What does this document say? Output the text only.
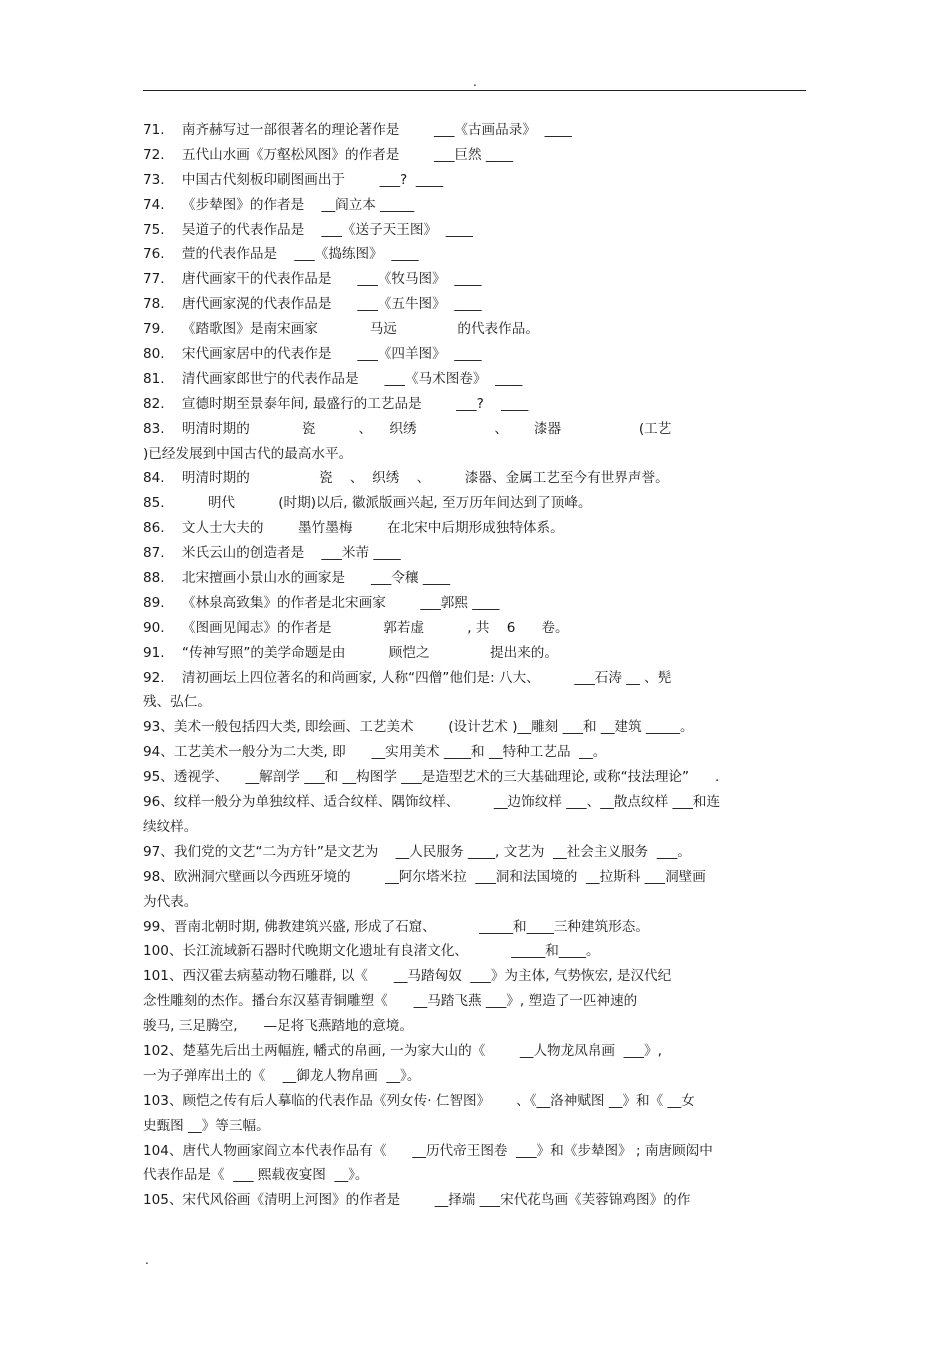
.
71.    南齐赫写过一部很著名的理论著作是        ___《古画品录》  ____
72.    五代山水画《万壑松风图》的作者是        ___巨然 ____
73.    中国古代刻板印刷图画出于        ___?  ____
74.    《步辇图》的作者是    __阎立本 _____
75.    吴道子的代表作品是    ___《送子天王图》  ____
76.    萱的代表作品是    ___《捣练图》  ____
77.    唐代画家干的代表作品是      ___《牧马图》  ____
78.    唐代画家滉的代表作品是      ___《五牛图》  ____
79.    《踏歌图》是南宋画家            马远              的代表作品。
80.    宋代画家居中的代表作是      ___《四羊图》  ____
81.    清代画家郎世宁的代表作品是      ___《马术图卷》  ____
82.    宣德时期至景泰年间, 最盛行的工艺品是        ___?    ____
83.    明清时期的            瓷          、    织绣                  、      漆器                  (工艺
)已经发展到中国古代的最高水平。
84.    明清时期的                瓷    、  织绣    、        漆器、金属工艺至今有世界声誉。
85.          明代          (时期)以后, 徽派版画兴起, 至万历年间达到了顶峰。
86.    文人士大夫的        墨竹墨梅        在北宋中后期形成独特体系。
87.    米氏云山的创造者是    ___米芾 ____
88.    北宋擅画小景山水的画家是      ___令穰 ____
89.    《林泉高致集》的作者是北宋画家        ___郭熙 ____
90.    《图画见闻志》的作者是            郭若虚          , 共    6      卷。
91.    “传神写照”的美学命题是由          顾恺之              提出来的。
92.    清初画坛上四位著名的和尚画家, 人称“四僧”他们是: 八大、        ___石涛 __ 、髡
残、弘仁。
93、美术一般包括四大类, 即绘画、工艺美术        (设计艺术 )__雕刻 ___和 __建筑 _____。
94、工艺美术一般分为二大类, 即      __实用美术 ____和 __特种工艺品  __。
95、透视学、    __解剖学 ___和 __构图学 ___是造型艺术的三大基础理论, 或称“技法理论”      .
96、纹样一般分为单独纹样、适合纹样、隅饰纹样、        __边饰纹样 ___、__散点纹样 ___和连
续纹样。
97、我们党的文艺“二为方针”是文艺为    __人民服务 ____, 文艺为  __社会主义服务  ___。
98、欧洲洞穴壁画以今西班牙境的        __阿尔塔米拉  ___洞和法国境的  __拉斯科 ___洞壁画
为代表。
99、晋南北朝时期, 佛教建筑兴盛, 形成了石窟、          _____和____三种建筑形态。
100、长江流域新石器时代晚期文化遗址有良渚文化、          _____和____。
101、西汉霍去病墓动物石雕群, 以《      __马踏匈奴  ___》为主体, 气势恢宏, 是汉代纪
念性雕刻的杰作。播台东汉墓青铜雕塑《      __马踏飞燕 ___》, 塑造了一匹神速的
骏马, 三足腾空,      —足将飞燕踏地的意境。
102、楚墓先后出土两幅旌, 幡式的帛画, 一为家大山的《        __人物龙凤帛画  ___》,
一为子弹库出土的《    __御龙人物帛画  __》。
103、顾恺之传有后人摹临的代表作品《列女传· 仁智图》      、《__洛神赋图 __》和《 __女
史甄图 __》等三幅。
104、唐代人物画家阎立本代表作品有《      __历代帝王图卷  ___》和《步辇图》 ; 南唐顾闳中
代表作品是《  ___ 熙载夜宴图  __》。
105、宋代风俗画《清明上河图》的作者是        __择端 ___宋代花鸟画《芙蓉锦鸡图》的作
.
